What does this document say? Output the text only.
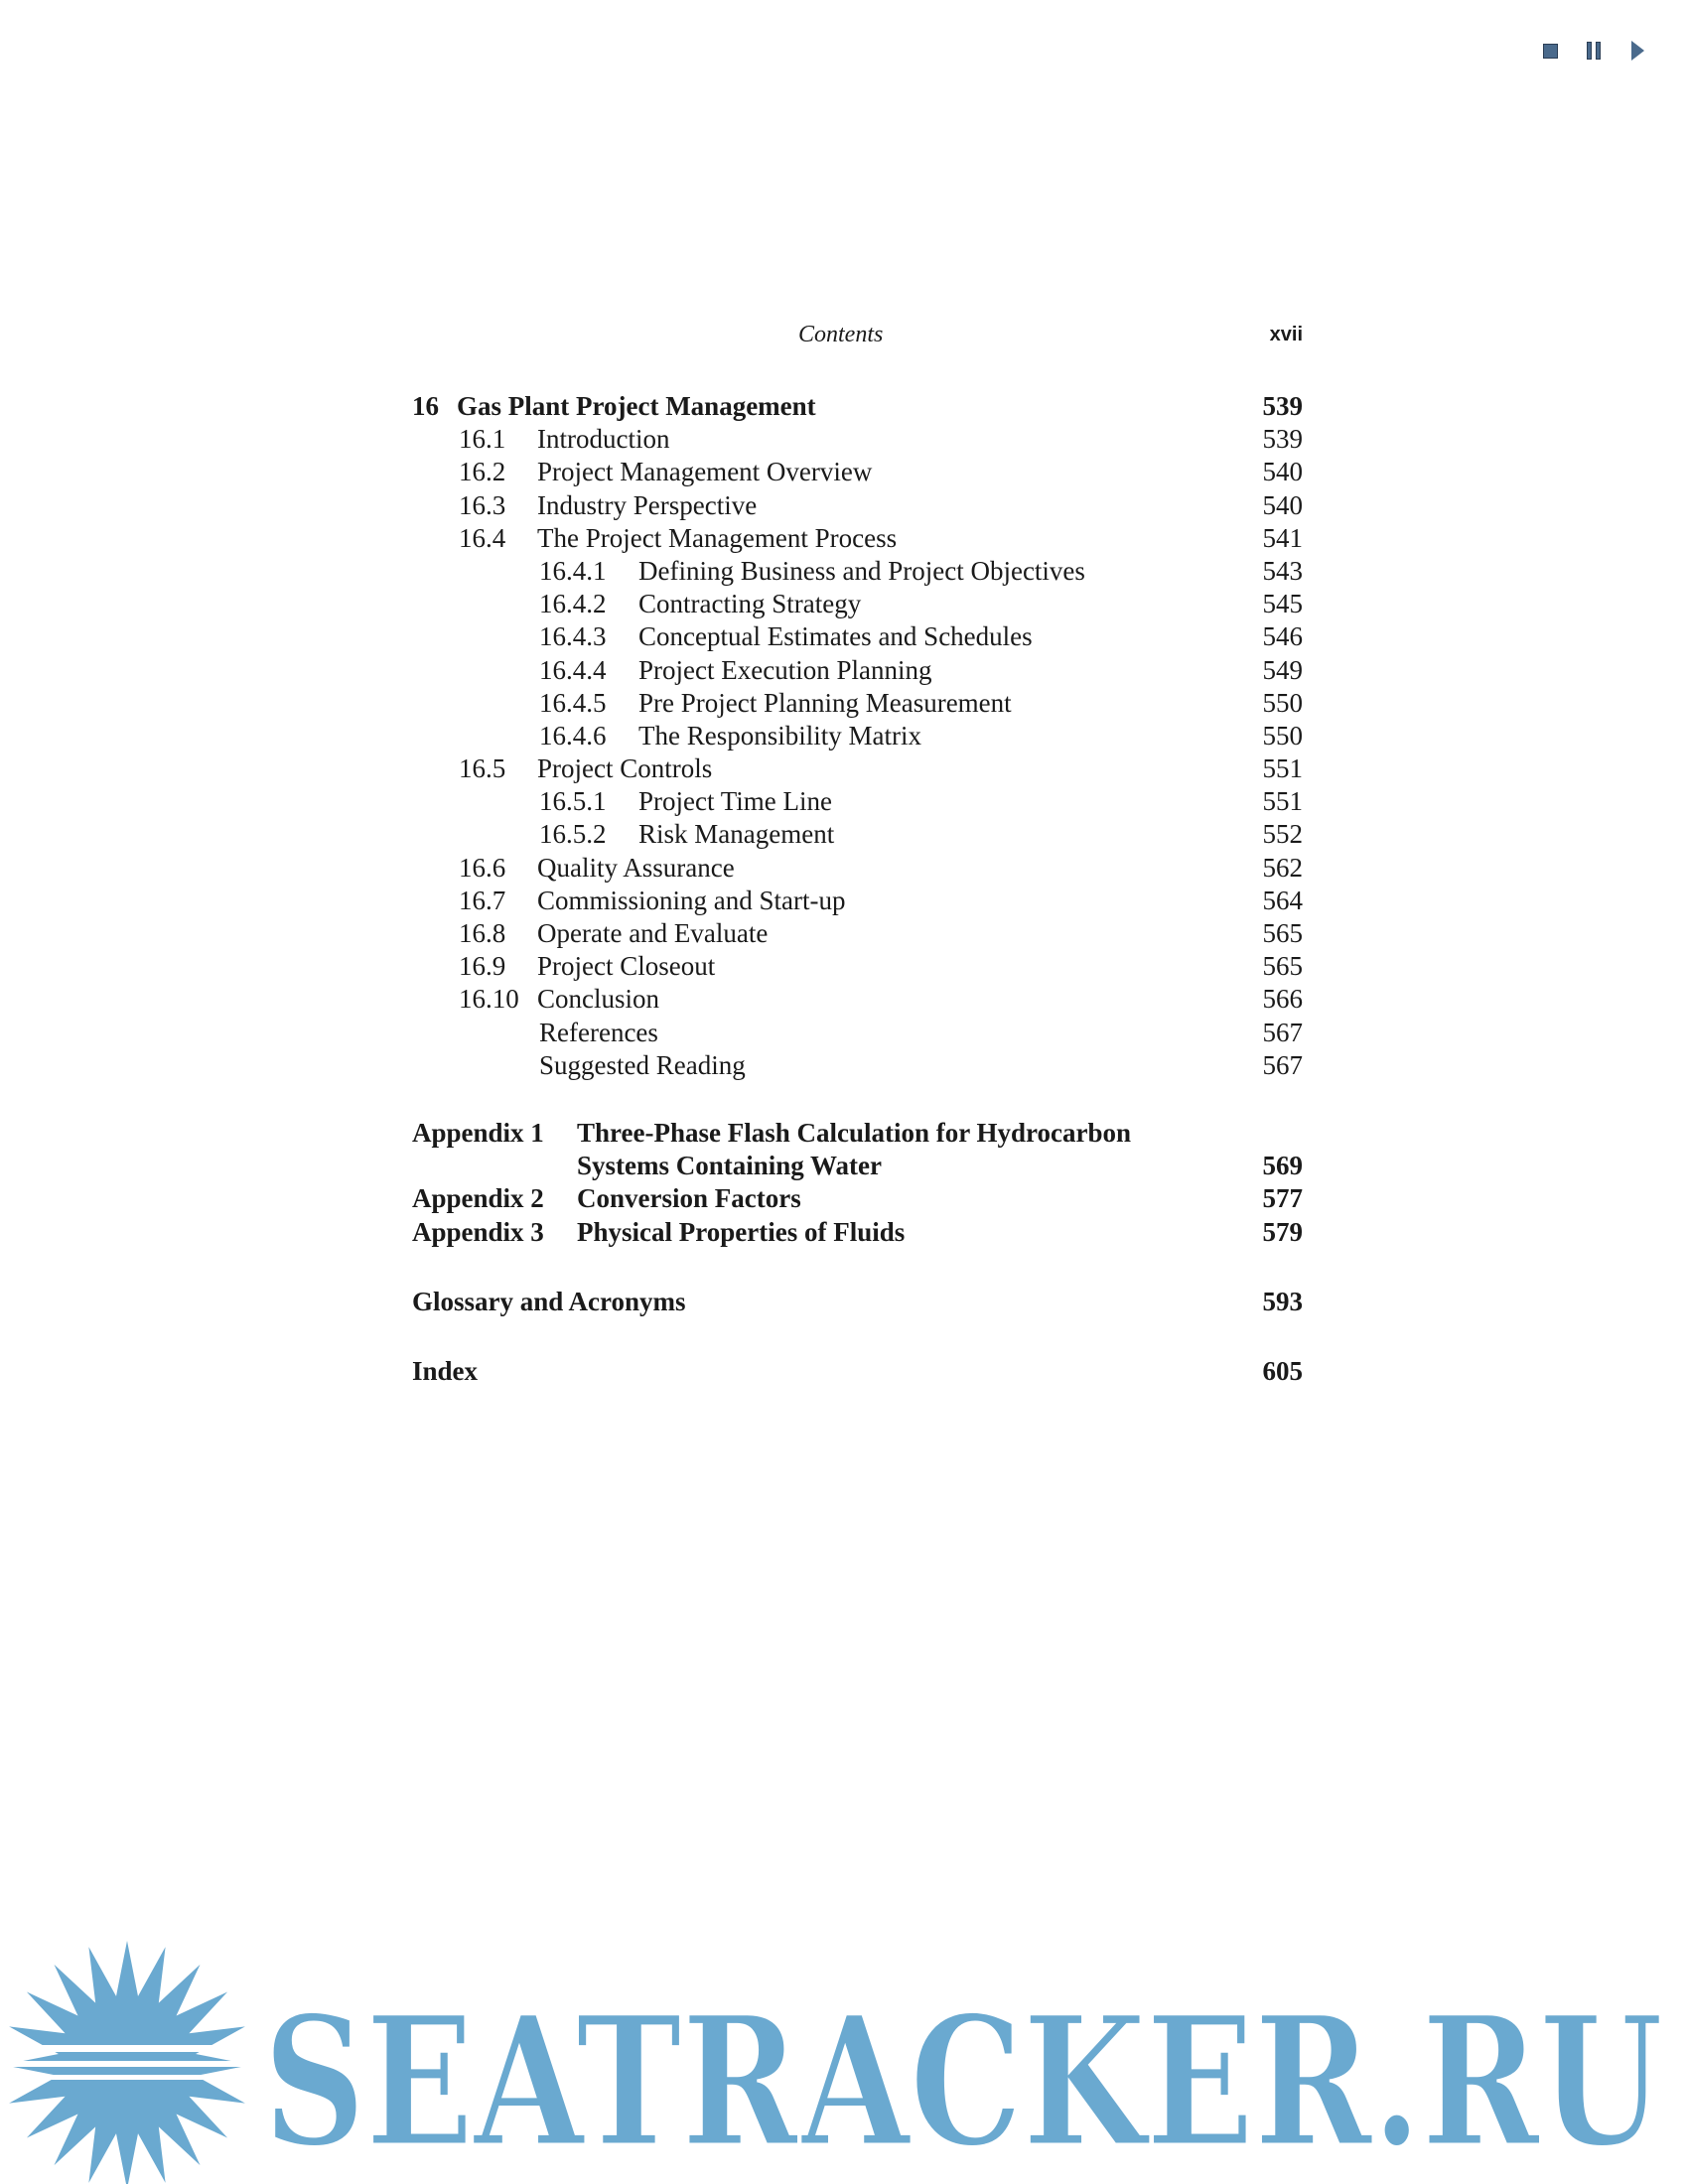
Contents	xvii
16 Gas Plant Project Management	539
16.1 Introduction	539
16.2 Project Management Overview	540
16.3 Industry Perspective	540
16.4 The Project Management Process	541
16.4.1 Defining Business and Project Objectives	543
16.4.2 Contracting Strategy	545
16.4.3 Conceptual Estimates and Schedules	546
16.4.4 Project Execution Planning	549
16.4.5 Pre Project Planning Measurement	550
16.4.6 The Responsibility Matrix	550
16.5 Project Controls	551
16.5.1 Project Time Line	551
16.5.2 Risk Management	552
16.6 Quality Assurance	562
16.7 Commissioning and Start-up	564
16.8 Operate and Evaluate	565
16.9 Project Closeout	565
16.10 Conclusion	566
References	567
Suggested Reading	567
Appendix 1 Three-Phase Flash Calculation for Hydrocarbon
Systems Containing Water	569
Appendix 2 Conversion Factors	577
Appendix 3 Physical Properties of Fluids	579
Glossary and Acronyms	593
Index	605
SEATRACKER.RU
